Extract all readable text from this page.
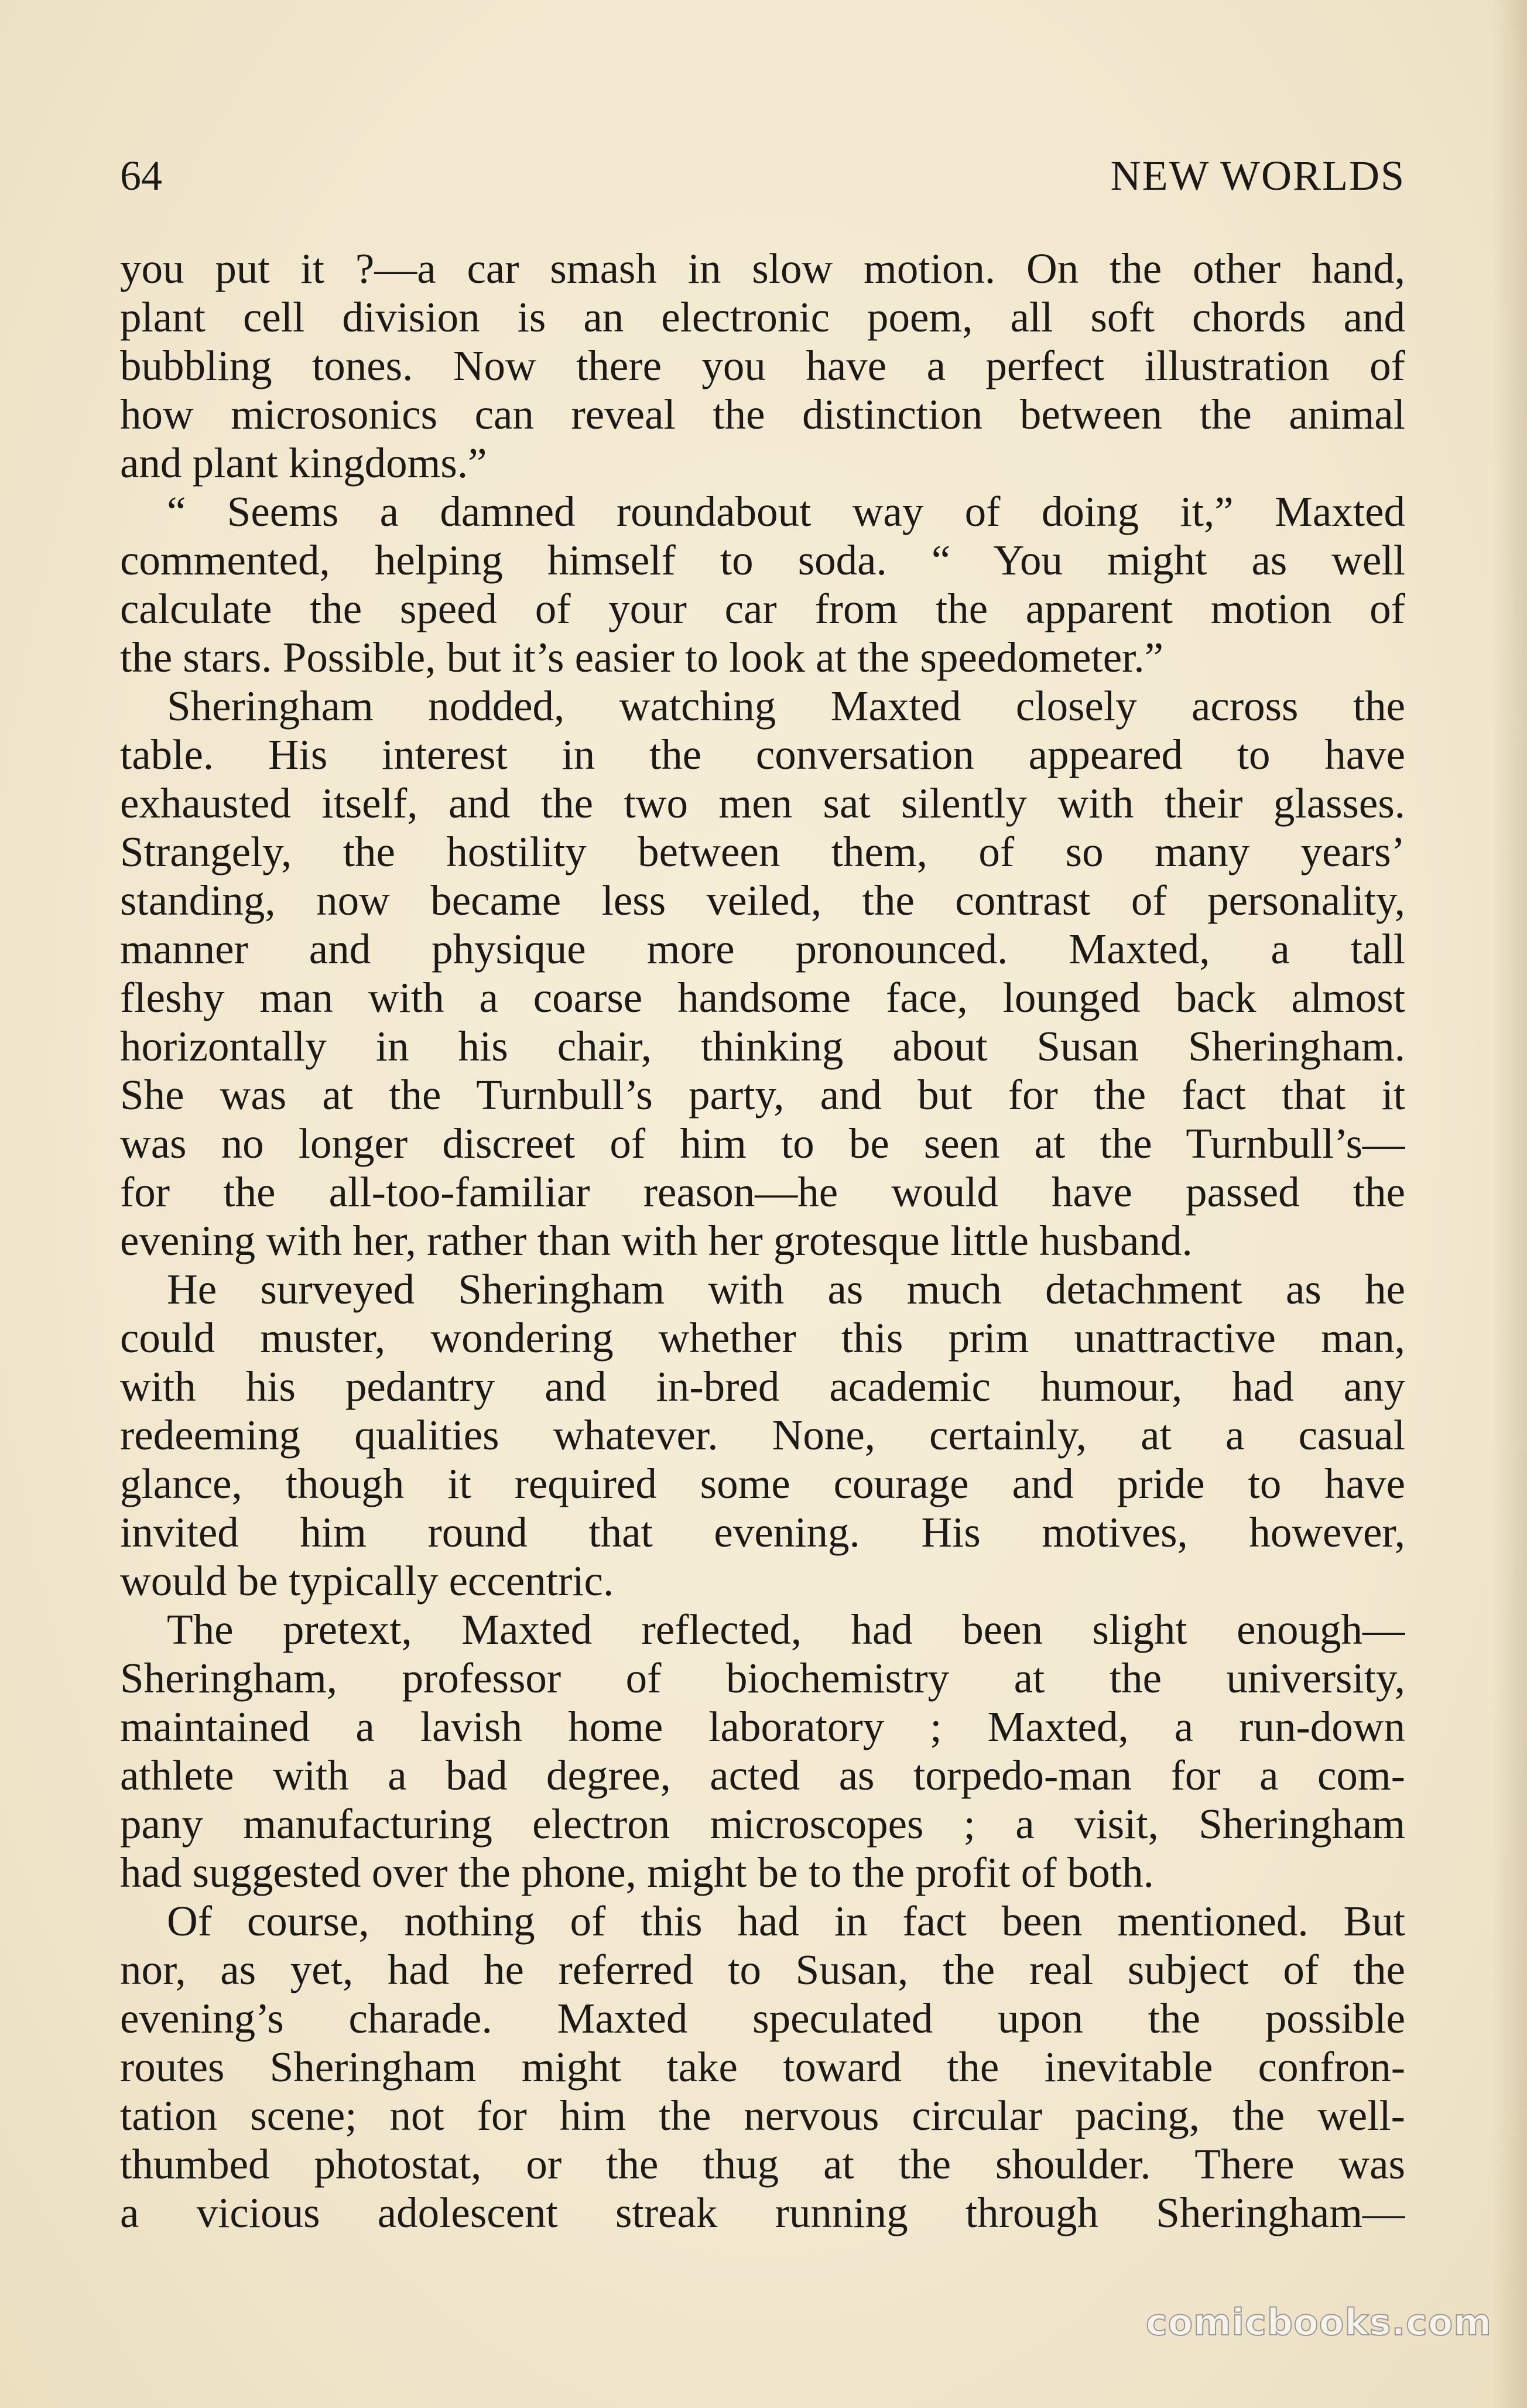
64	NEW WORLDS
you put it ?—a car smash in slow motion. On the other hand,
plant cell division is an electronic poem, all soft chords and
bubbling tones. Now there you have a perfect illustration of
how microsonics can reveal the distinction between the animal
and plant kingdoms.”
“ Seems a damned roundabout way of doing it,” Maxted
commented, helping himself to soda. “ You might as well
calculate the speed of your car from the apparent motion of
the stars. Possible, but it’s easier to look at the speedometer.”
Sheringham nodded, watching Maxted closely across the
table. His interest in the conversation appeared to have
exhausted itself, and the two men sat silently with their glasses.
Strangely, the hostility between them, of so many years’
standing, now became less veiled, the contrast of personality,
manner and physique more pronounced. Maxted, a tall
fleshy man with a coarse handsome face, lounged back almost
horizontally in his chair, thinking about Susan Sheringham.
She was at the Turnbull’s party, and but for the fact that it
was no longer discreet of him to be seen at the Turnbull’s—
for the all-too-familiar reason—he would have passed the
evening with her, rather than with her grotesque little husband.
He surveyed Sheringham with as much detachment as he
could muster, wondering whether this prim unattractive man,
with his pedantry and in-bred academic humour, had any
redeeming qualities whatever. None, certainly, at a casual
glance, though it required some courage and pride to have
invited him round that evening. His motives, however,
would be typically eccentric.
The pretext, Maxted reflected, had been slight enough—
Sheringham, professor of biochemistry at the university,
maintained a lavish home laboratory ; Maxted, a run-down
athlete with a bad degree, acted as torpedo-man for a com-
pany manufacturing electron microscopes ; a visit, Sheringham
had suggested over the phone, might be to the profit of both.
Of course, nothing of this had in fact been mentioned. But
nor, as yet, had he referred to Susan, the real subject of the
evening’s charade. Maxted speculated upon the possible
routes Sheringham might take toward the inevitable confron-
tation scene; not for him the nervous circular pacing, the well-
thumbed photostat, or the thug at the shoulder. There was
a vicious adolescent streak running through Sheringham—
comicbooks.com
